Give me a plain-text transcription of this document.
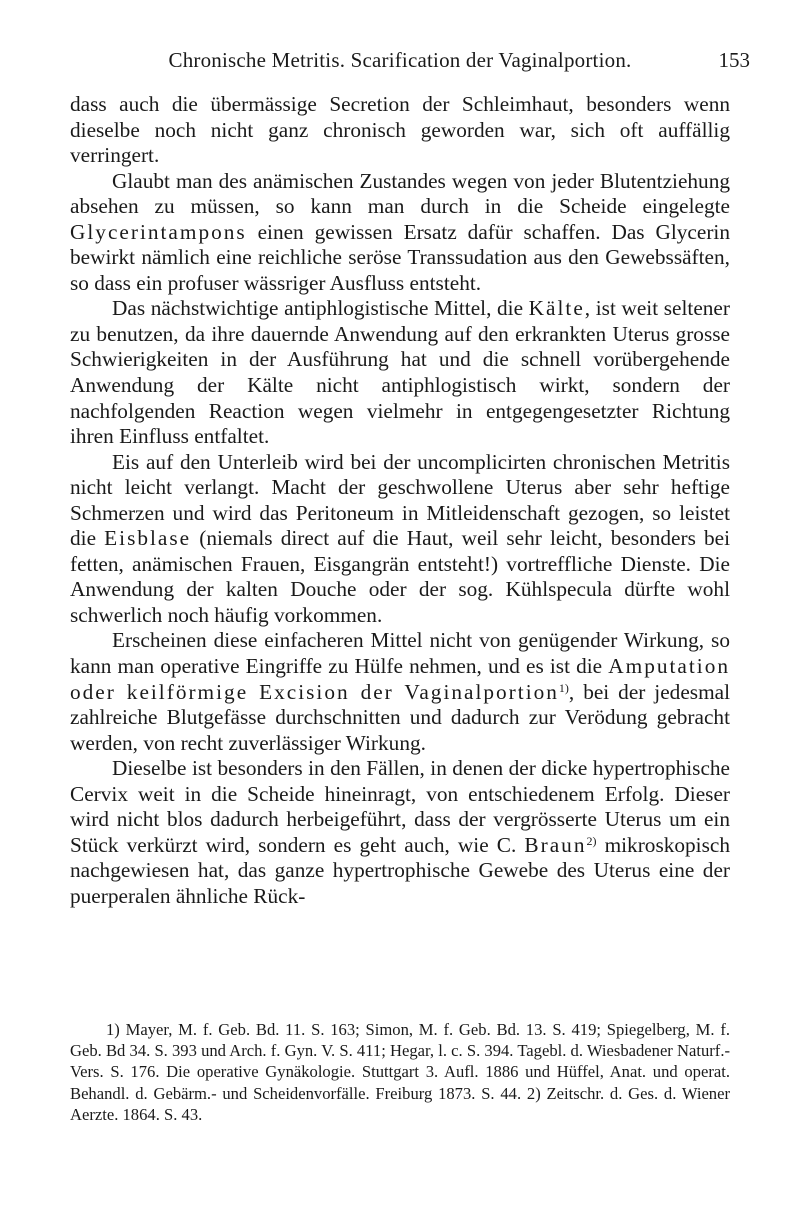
Chronische Metritis. Scarification der Vaginalportion.	153

dass auch die übermässige Secretion der Schleimhaut, besonders wenn dieselbe noch nicht ganz chronisch geworden war, sich oft auffällig verringert.

Glaubt man des anämischen Zustandes wegen von jeder Blutentziehung absehen zu müssen, so kann man durch in die Scheide eingelegte Glycerintampons einen gewissen Ersatz dafür schaffen. Das Glycerin bewirkt nämlich eine reichliche seröse Transsudation aus den Gewebssäften, so dass ein profuser wässriger Ausfluss entsteht.

Das nächstwichtige antiphlogistische Mittel, die Kälte, ist weit seltener zu benutzen, da ihre dauernde Anwendung auf den erkrankten Uterus grosse Schwierigkeiten in der Ausführung hat und die schnell vorübergehende Anwendung der Kälte nicht antiphlogistisch wirkt, sondern der nachfolgenden Reaction wegen vielmehr in entgegengesetzter Richtung ihren Einfluss entfaltet.

Eis auf den Unterleib wird bei der uncomplicirten chronischen Metritis nicht leicht verlangt. Macht der geschwollene Uterus aber sehr heftige Schmerzen und wird das Peritoneum in Mitleidenschaft gezogen, so leistet die Eisblase (niemals direct auf die Haut, weil sehr leicht, besonders bei fetten, anämischen Frauen, Eisgangrän entsteht!) vortreffliche Dienste. Die Anwendung der kalten Douche oder der sog. Kühlspecula dürfte wohl schwerlich noch häufig vorkommen.

Erscheinen diese einfacheren Mittel nicht von genügender Wirkung, so kann man operative Eingriffe zu Hülfe nehmen, und es ist die Amputation oder keilförmige Excision der Vaginalportion$^{1)}$, bei der jedesmal zahlreiche Blutgefässe durchschnitten und dadurch zur Verödung gebracht werden, von recht zuverlässiger Wirkung.

Dieselbe ist besonders in den Fällen, in denen der dicke hypertrophische Cervix weit in die Scheide hineinragt, von entschiedenem Erfolg. Dieser wird nicht blos dadurch herbeigeführt, dass der vergrösserte Uterus um ein Stück verkürzt wird, sondern es geht auch, wie C. Braun$^{2)}$ mikroskopisch nachgewiesen hat, das ganze hypertrophische Gewebe des Uterus eine der puerperalen ähnliche Rück-

1) Mayer, M. f. Geb. Bd. 11. S. 163; Simon, M. f. Geb. Bd. 13. S. 419; Spiegelberg, M. f. Geb. Bd 34. S. 393 und Arch. f. Gyn. V. S. 411; Hegar, l. c. S. 394. Tagebl. d. Wiesbadener Naturf.-Vers. S. 176. Die operative Gynäkologie. Stuttgart 3. Aufl. 1886 und Hüffel, Anat. und operat. Behandl. d. Gebärm.- und Scheidenvorfälle. Freiburg 1873. S. 44. 2) Zeitschr. d. Ges. d. Wiener Aerzte. 1864. S. 43.
